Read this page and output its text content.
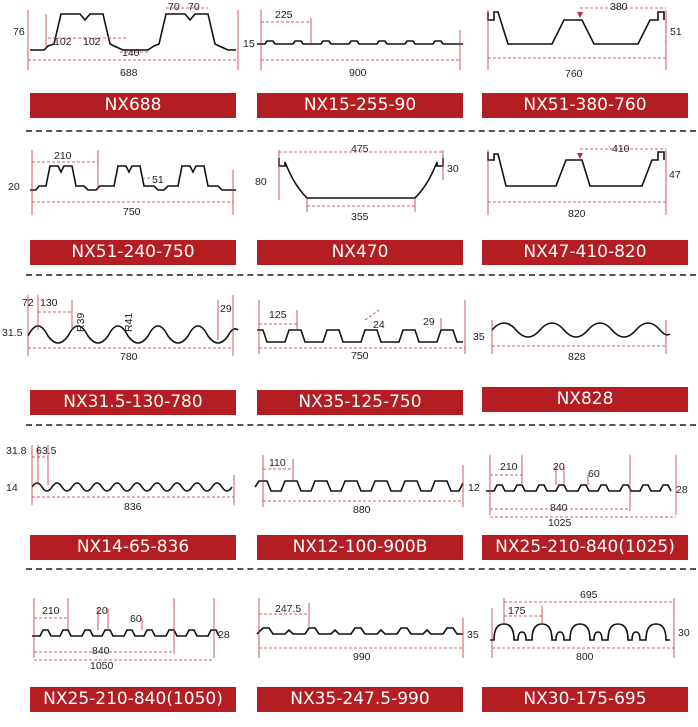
76
102 102
70 70
140
688
NX688
225
15
900
NX15-255-90
380
51
760
NX51-380-760
210
20
51
750
NX51-240-750
475
80
30
355
NX470
410
47
820
NX47-410-820
72 130	29
31.5
R39	R41
780
NX31.5-130-780
125
24	29
35
750
NX35-125-750
828
NX828
31.8 63.5
14
836
NX14-65-836
110
12
880
NX12-100-900B
210	20
60
28
840
1025
NX25-210-840(1025)
210	20
60
28
840
1050
NX25-210-840(1050)
247.5
35
990
NX35-247.5-990
695
175
30
800
NX30-175-695
